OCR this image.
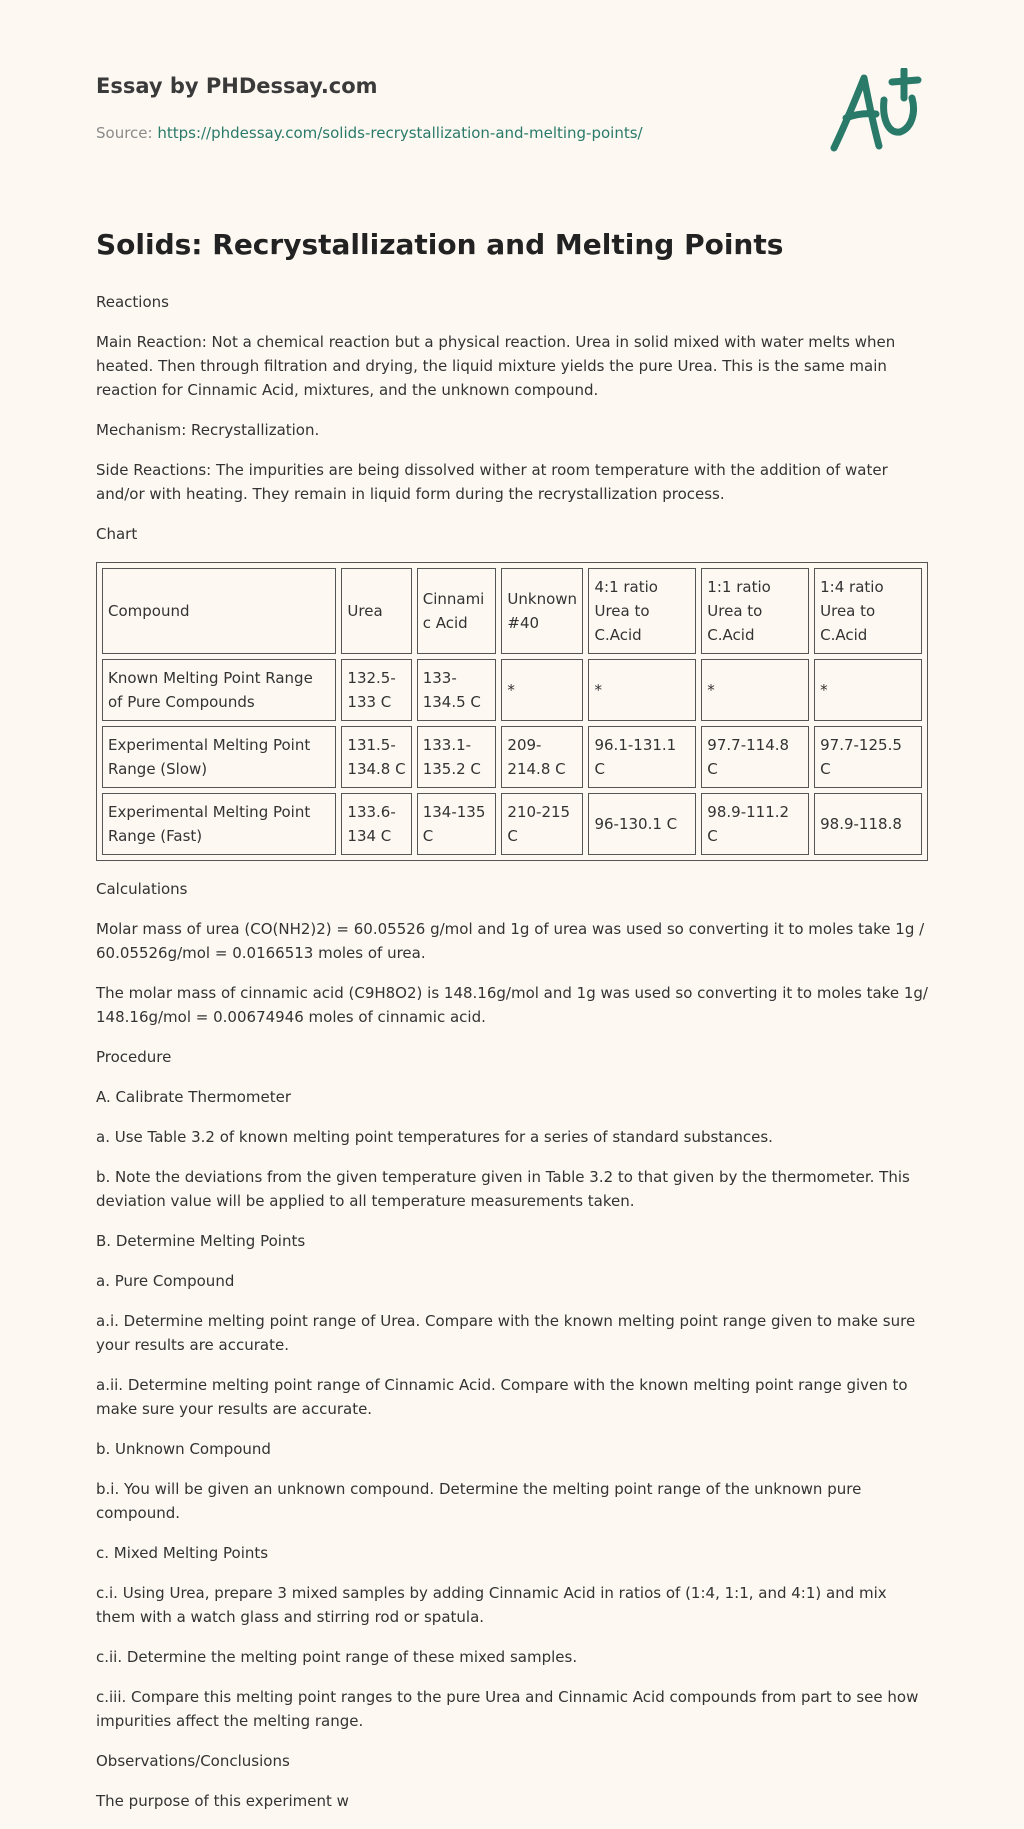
Essay by PHDessay.com
Source: https://phdessay.com/solids-recrystallization-and-melting-points/
Solids: Recrystallization and Melting Points

Reactions

Main Reaction: Not a chemical reaction but a physical reaction. Urea in solid mixed with water melts when heated. Then through filtration and drying, the liquid mixture yields the pure Urea. This is the same main reaction for Cinnamic Acid, mixtures, and the unknown compound.

Mechanism: Recrystallization.

Side Reactions: The impurities are being dissolved wither at room temperature with the addition of water and/or with heating. They remain in liquid form during the recrystallization process.

Chart

Compound	Urea	Cinnamic Acid	Unknown #40	4:1 ratio Urea to C.Acid	1:1 ratio Urea to C.Acid	1:4 ratio Urea to C.Acid
Known Melting Point Range of Pure Compounds	132.5-133 C	133-134.5 C	*	*	*	*
Experimental Melting Point Range (Slow)	131.5-134.8 C	133.1-135.2 C	209-214.8 C	96.1-131.1 C	97.7-114.8 C	97.7-125.5 C
Experimental Melting Point Range (Fast)	133.6-134 C	134-135 C	210-215 C	96-130.1 C	98.9-111.2 C	98.9-118.8

Calculations

Molar mass of urea (CO(NH2)2) = 60.05526 g/mol and 1g of urea was used so converting it to moles take 1g / 60.05526g/mol = 0.0166513 moles of urea.

The molar mass of cinnamic acid (C9H8O2) is 148.16g/mol and 1g was used so converting it to moles take 1g/ 148.16g/mol = 0.00674946 moles of cinnamic acid.

Procedure

A. Calibrate Thermometer

a. Use Table 3.2 of known melting point temperatures for a series of standard substances.

b. Note the deviations from the given temperature given in Table 3.2 to that given by the thermometer. This deviation value will be applied to all temperature measurements taken.

B. Determine Melting Points

a. Pure Compound

a.i. Determine melting point range of Urea. Compare with the known melting point range given to make sure your results are accurate.

a.ii. Determine melting point range of Cinnamic Acid. Compare with the known melting point range given to make sure your results are accurate.

b. Unknown Compound

b.i. You will be given an unknown compound. Determine the melting point range of the unknown pure compound.

c. Mixed Melting Points

c.i. Using Urea, prepare 3 mixed samples by adding Cinnamic Acid in ratios of (1:4, 1:1, and 4:1) and mix them with a watch glass and stirring rod or spatula.

c.ii. Determine the melting point range of these mixed samples.

c.iii. Compare this melting point ranges to the pure Urea and Cinnamic Acid compounds from part to see how impurities affect the melting range.

Observations/Conclusions

The purpose of this experiment w
